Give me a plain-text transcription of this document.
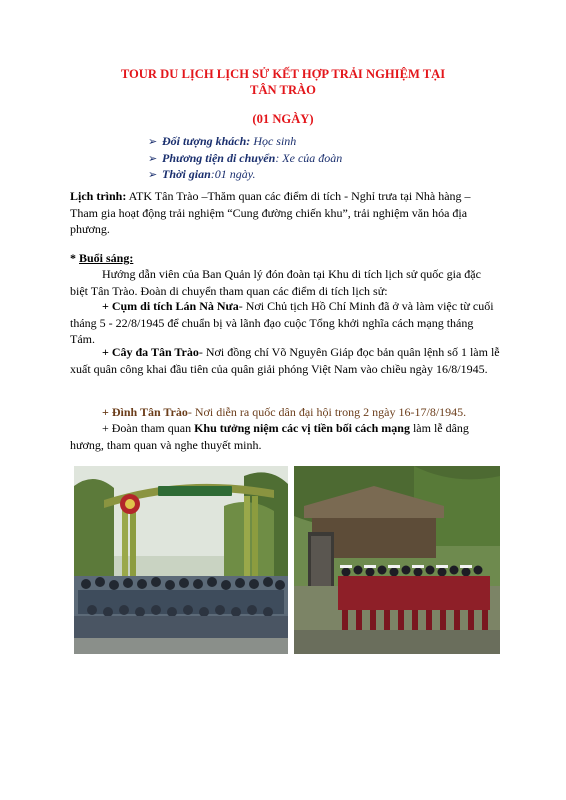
TOUR DU LỊCH LỊCH SỬ KẾT HỢP TRẢI NGHIỆM TẠI
TÂN TRÀO
(01 NGÀY)
➢ Đối tượng khách: Học sinh
➢ Phương tiện di chuyển : Xe của đoàn
➢ Thời gian :01 ngày.
Lịch trình: ATK Tân Trào –Thăm quan các điểm di tích - Nghỉ trưa tại Nhà hàng – Tham gia hoạt động trải nghiệm “Cung đường chiến khu”, trải nghiệm văn hóa địa phương.
* Buổi sáng:
Hướng dẫn viên của Ban Quản lý đón đoàn tại Khu di tích lịch sử quốc gia đặc biệt Tân Trào. Đoàn di chuyển tham quan các điểm di tích lịch sử:
+ Cụm di tích Lán Nà Nưa- Nơi Chủ tịch Hồ Chí Minh đã ở và làm việc từ cuối tháng 5 - 22/8/1945 để chuẩn bị và lãnh đạo cuộc Tổng khởi nghĩa cách mạng tháng Tám.
+ Cây đa Tân Trào- Nơi đồng chí Võ Nguyên Giáp đọc bản quân lệnh số 1 làm lễ xuất quân công khai đầu tiên của quân giải phóng Việt Nam vào chiều ngày 16/8/1945.
+ Đình Tân Trào- Nơi diễn ra quốc dân đại hội trong 2 ngày 16-17/8/1945.
+ Đoàn tham quan Khu tưởng niệm các vị tiền bối cách mạng làm lễ dâng hương, tham quan và nghe thuyết minh.
